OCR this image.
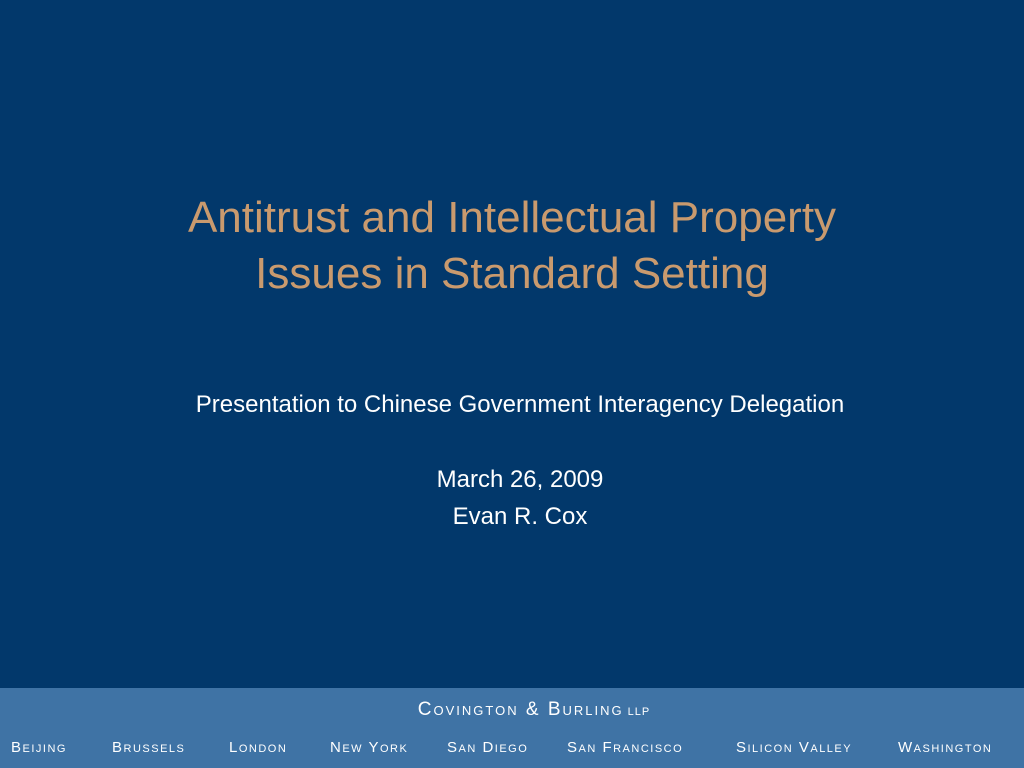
Antitrust and Intellectual Property
Issues in Standard Setting
Presentation to Chinese Government Interagency Delegation
March 26, 2009
Evan R. Cox
Covington & Burling LLP
Beijing	Brussels	London	New York	San Diego	San Francisco	Silicon Valley	Washington
